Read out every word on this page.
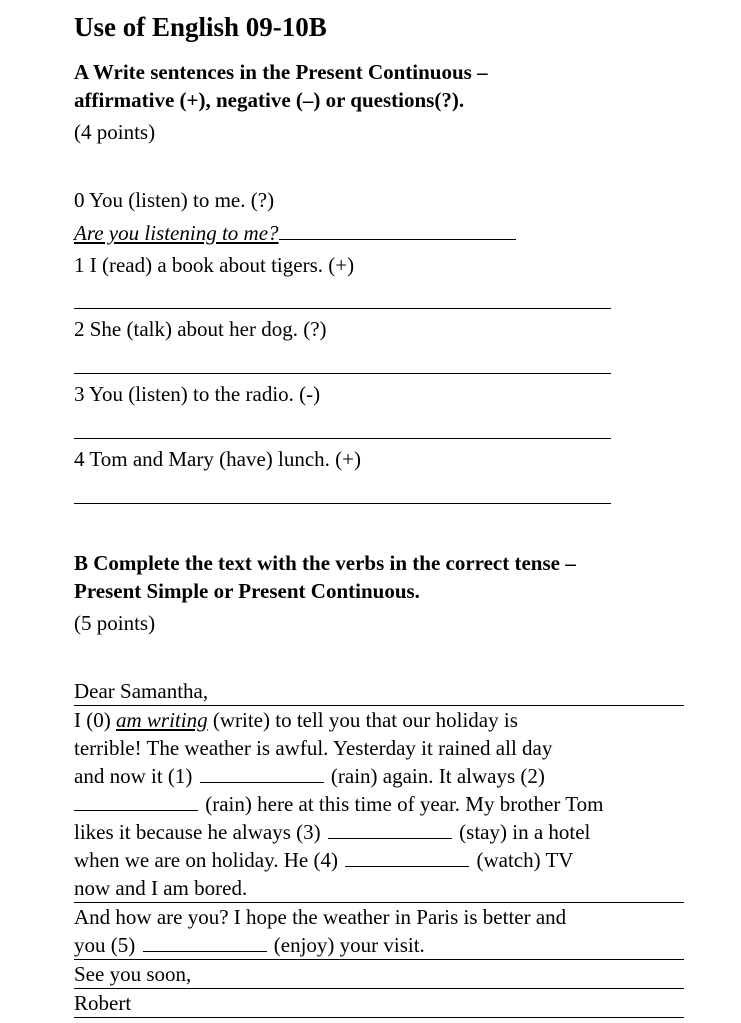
Use of English 09-10B
A Write sentences in the Present Continuous –
affirmative (+), negative (–) or questions(?).
(4 points)
0 You (listen) to me. (?)
Are you listening to me?
1 I (read) a book about tigers. (+)
2 She (talk) about her dog. (?)
3 You (listen) to the radio. (-)
4 Tom and Mary (have) lunch. (+)
B Complete the text with the verbs in the correct tense –
Present Simple or Present Continuous.
(5 points)
Dear Samantha,
I (0) am writing (write) to tell you that our holiday is
terrible! The weather is awful. Yesterday it rained all day
and now it (1)	(rain) again. It always (2)
(rain) here at this time of year. My brother Tom
likes it because he always (3)	(stay) in a hotel
when we are on holiday. He (4)	(watch) TV
now and I am bored.
And how are you? I hope the weather in Paris is better and
you (5)	(enjoy) your visit.
See you soon,
Robert
